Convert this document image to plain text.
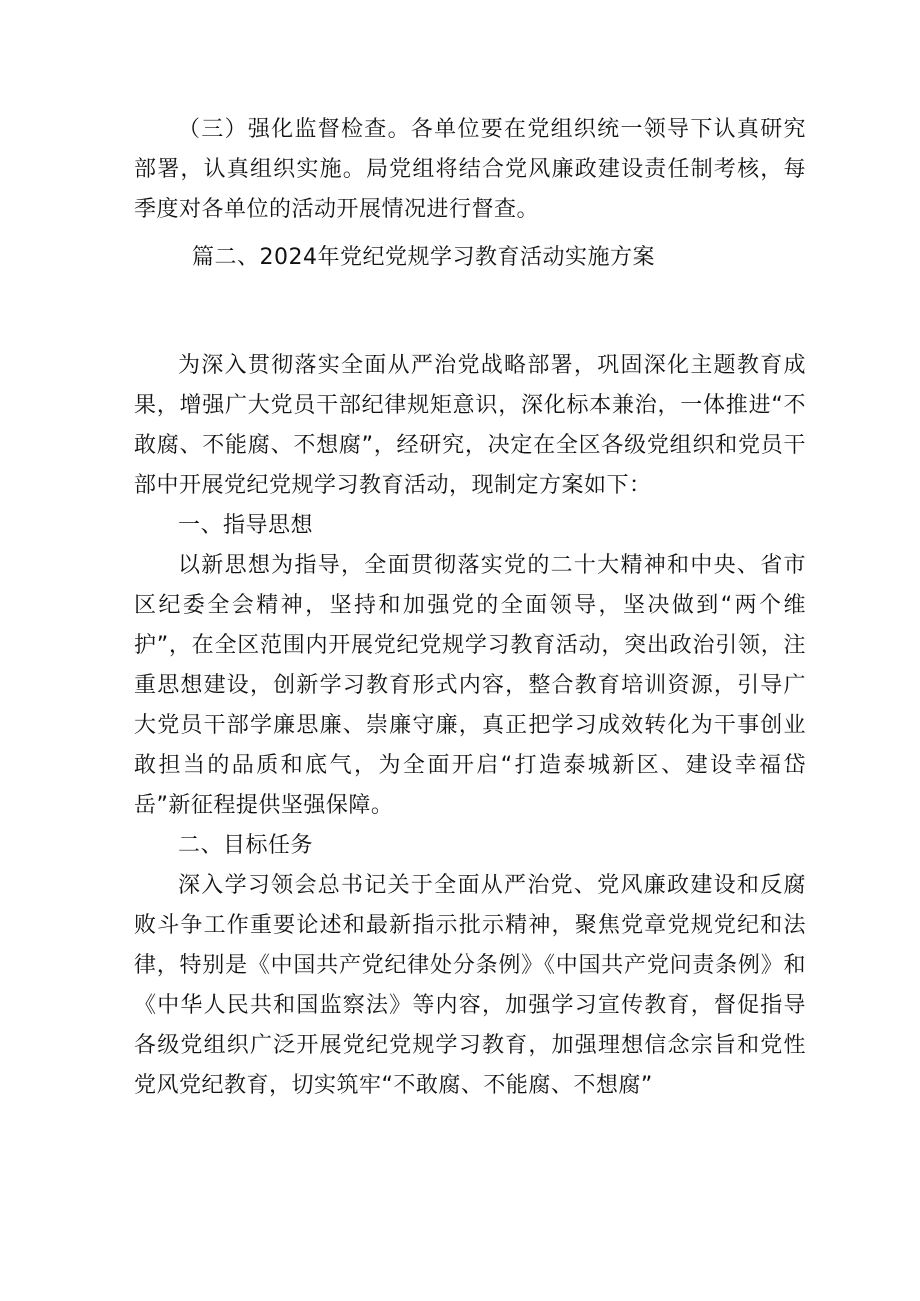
（三）强化监督检查。各单位要在党组织统一领导下认真研究部署，认真组织实施。局党组将结合党风廉政建设责任制考核，每季度对各单位的活动开展情况进行督查。

篇二、2024年党纪党规学习教育活动实施方案

为深入贯彻落实全面从严治党战略部署，巩固深化主题教育成果，增强广大党员干部纪律规矩意识，深化标本兼治，一体推进“不敢腐、不能腐、不想腐”，经研究，决定在全区各级党组织和党员干部中开展党纪党规学习教育活动，现制定方案如下：

一、指导思想

以新思想为指导，全面贯彻落实党的二十大精神和中央、省市区纪委全会精神，坚持和加强党的全面领导，坚决做到“两个维护”，在全区范围内开展党纪党规学习教育活动，突出政治引领，注重思想建设，创新学习教育形式内容，整合教育培训资源，引导广大党员干部学廉思廉、崇廉守廉，真正把学习成效转化为干事创业敢担当的品质和底气，为全面开启“打造泰城新区、建设幸福岱岳”新征程提供坚强保障。

二、目标任务

深入学习领会总书记关于全面从严治党、党风廉政建设和反腐败斗争工作重要论述和最新指示批示精神，聚焦党章党规党纪和法律，特别是《中国共产党纪律处分条例》《中国共产党问责条例》和《中华人民共和国监察法》等内容，加强学习宣传教育，督促指导各级党组织广泛开展党纪党规学习教育，加强理想信念宗旨和党性党风党纪教育，切实筑牢“不敢腐、不能腐、不想腐”
